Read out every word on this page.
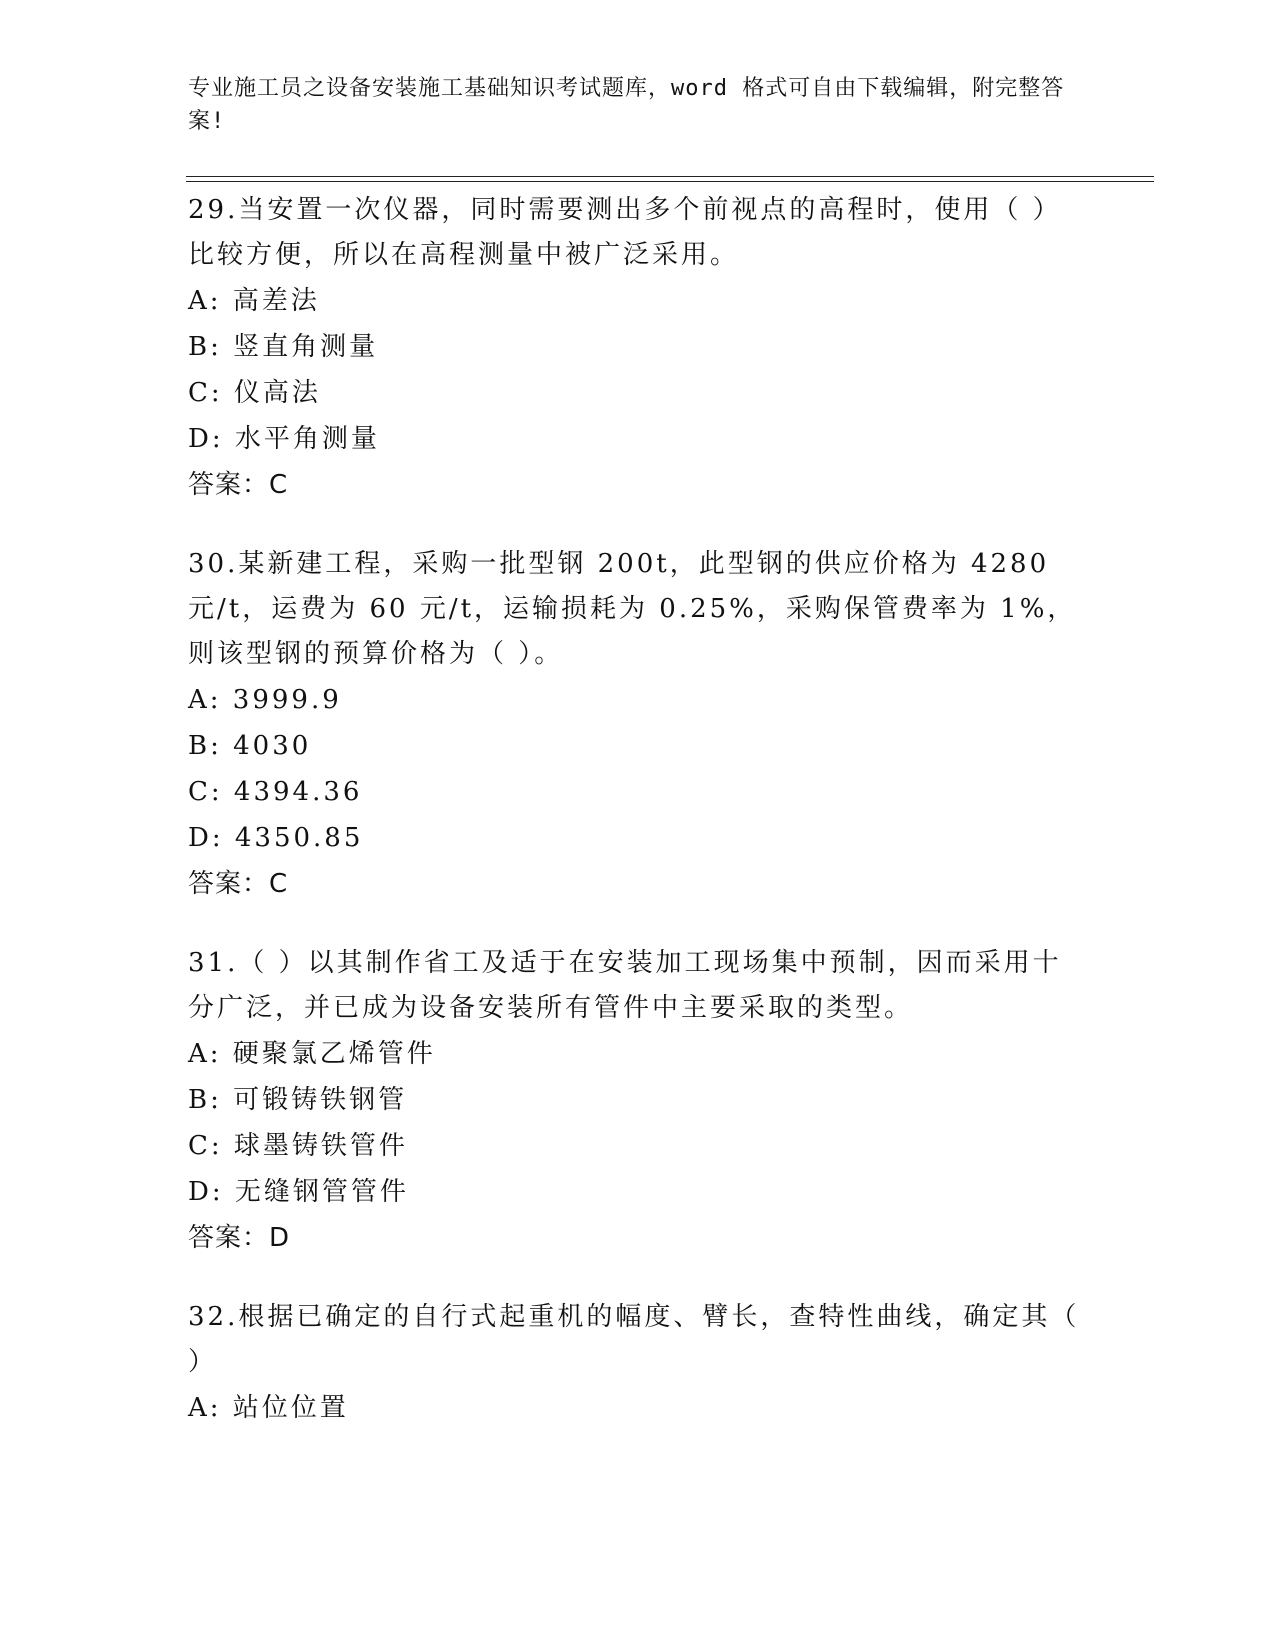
专业施工员之设备安装施工基础知识考试题库，word 格式可自由下载编辑，附完整答案!

29.当安置一次仪器，同时需要测出多个前视点的高程时，使用（ ）比较方便，所以在高程测量中被广泛采用。

A: 高差法
B: 竖直角测量
C: 仪高法
D: 水平角测量
答案：C

30.某新建工程，采购一批型钢 200t，此型钢的供应价格为 4280 元/t，运费为 60 元/t，运输损耗为 0.25%，采购保管费率为 1%，则该型钢的预算价格为（ ）。

A: 3999.9
B: 4030
C: 4394.36
D: 4350.85
答案：C

31.（ ）以其制作省工及适于在安装加工现场集中预制，因而采用十分广泛，并已成为设备安装所有管件中主要采取的类型。

A: 硬聚氯乙烯管件
B: 可锻铸铁钢管
C: 球墨铸铁管件
D: 无缝钢管管件
答案：D

32.根据已确定的自行式起重机的幅度、臂长，查特性曲线，确定其（ ）

A: 站位位置
